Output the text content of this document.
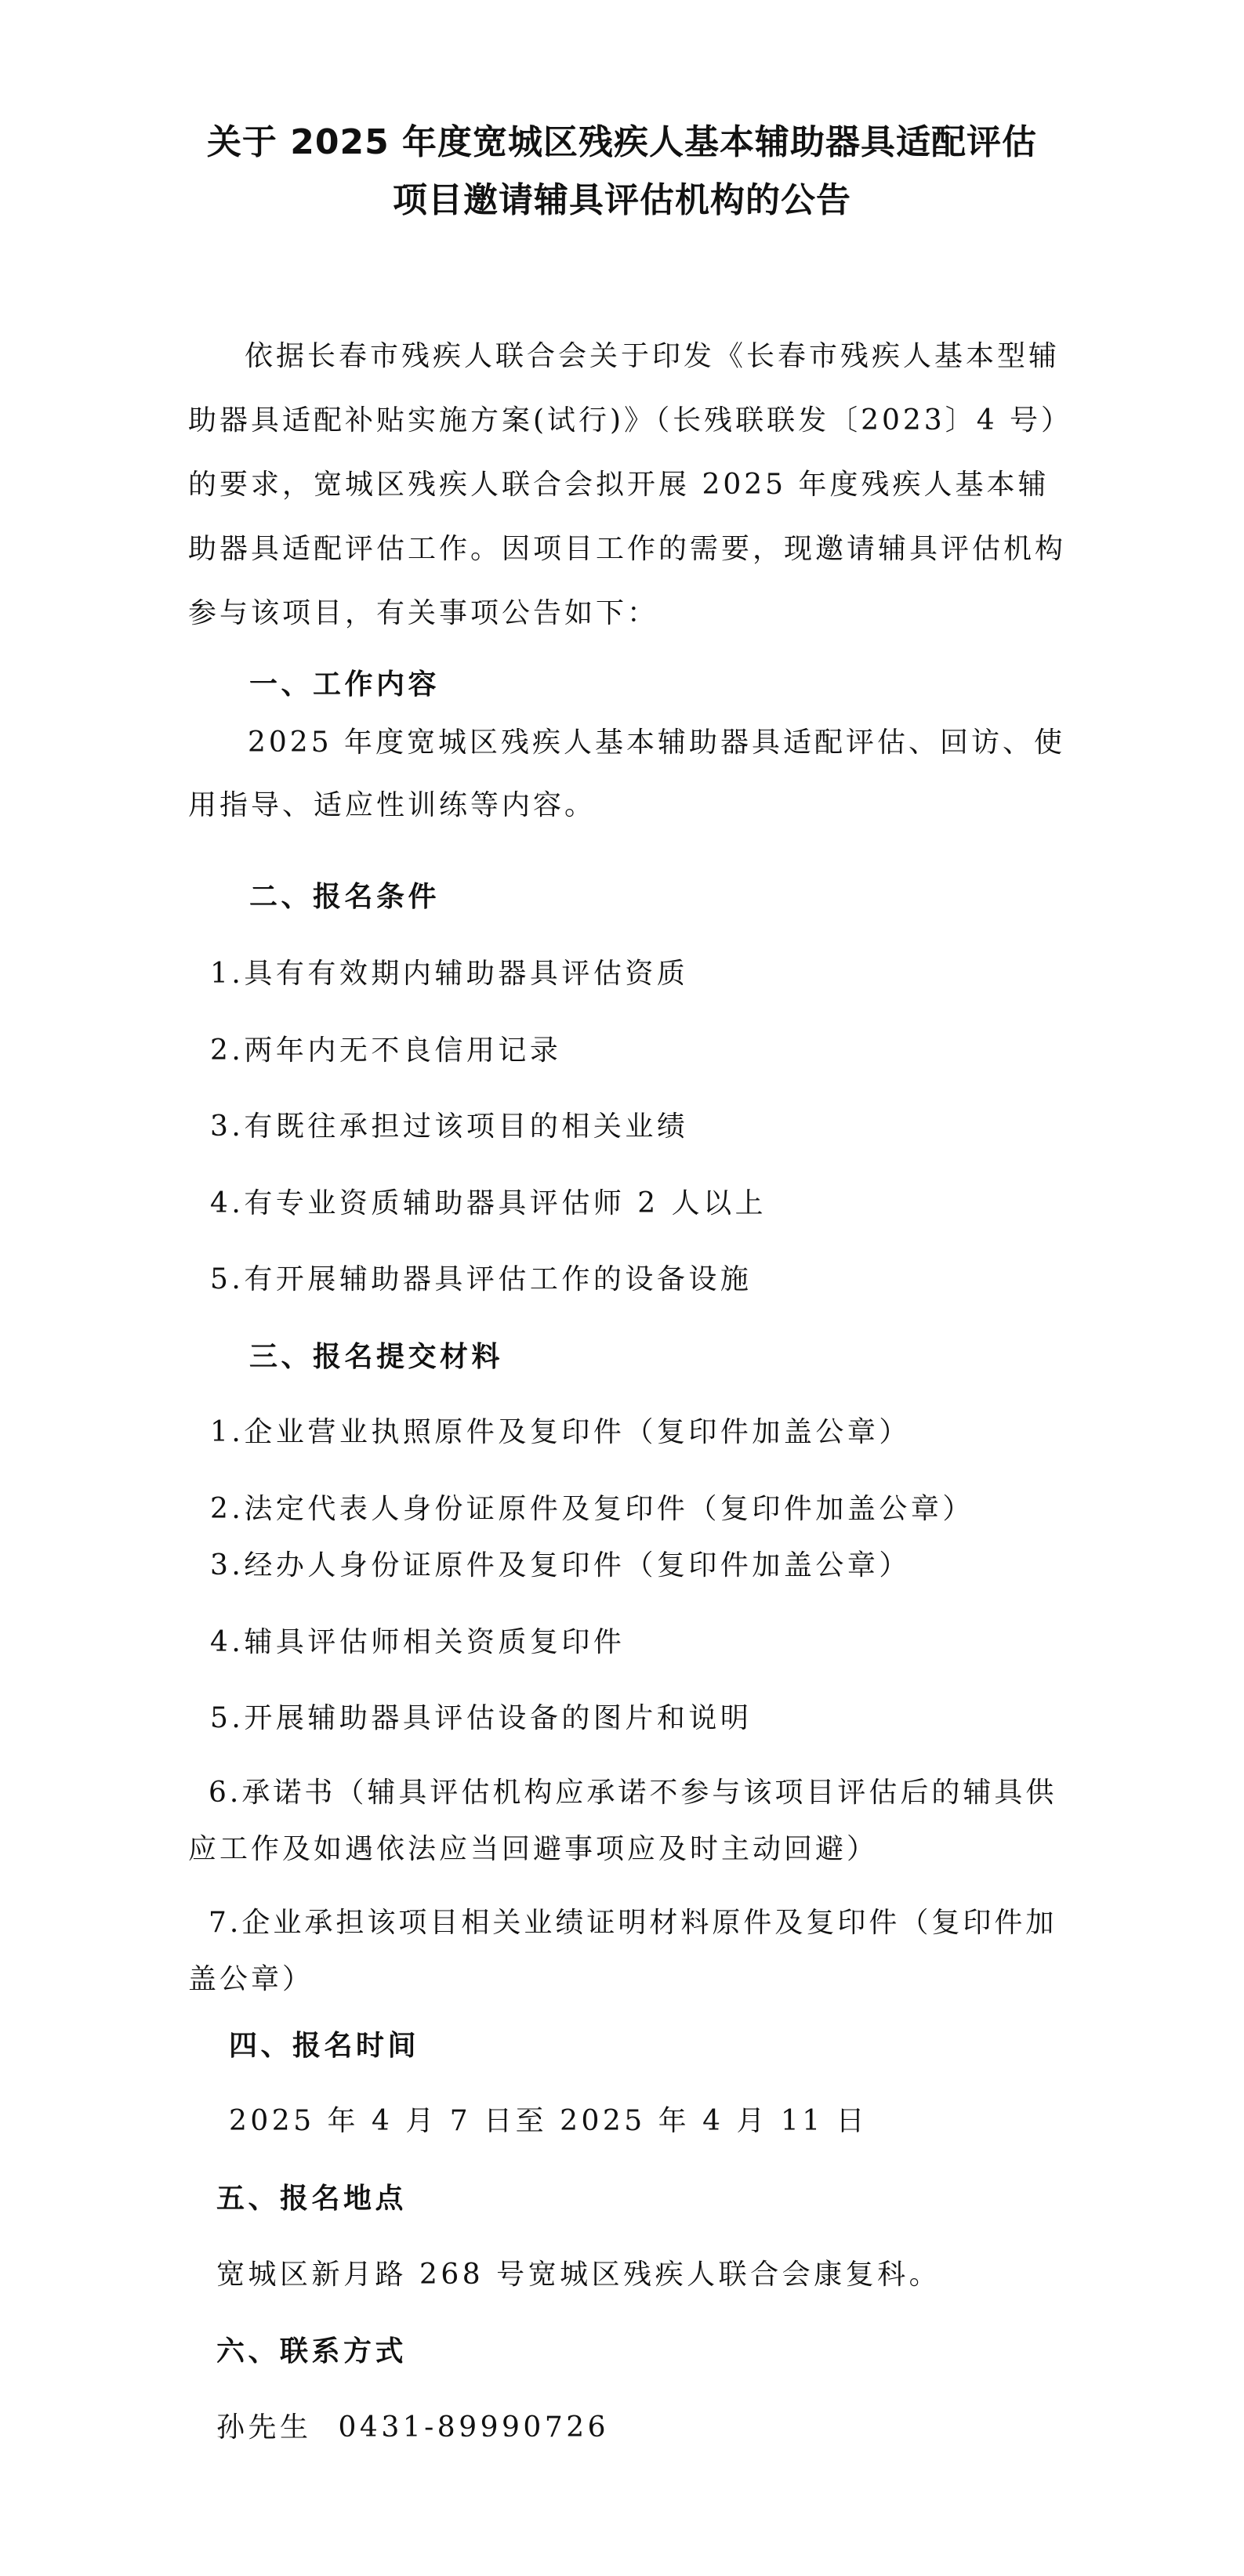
关于 2025 年度宽城区残疾人基本辅助器具适配评估
项目邀请辅具评估机构的公告

依据长春市残疾人联合会关于印发《长春市残疾人基本型辅助器具适配补贴实施方案(试行)》（长残联联发〔2023〕4 号）的要求，宽城区残疾人联合会拟开展 2025 年度残疾人基本辅助器具适配评估工作。因项目工作的需要，现邀请辅具评估机构参与该项目，有关事项公告如下：

一、工作内容

2025 年度宽城区残疾人基本辅助器具适配评估、回访、使用指导、适应性训练等内容。

二、报名条件

1.具有有效期内辅助器具评估资质

2.两年内无不良信用记录

3.有既往承担过该项目的相关业绩

4.有专业资质辅助器具评估师 2 人以上

5.有开展辅助器具评估工作的设备设施

三、报名提交材料

1.企业营业执照原件及复印件（复印件加盖公章）

2.法定代表人身份证原件及复印件（复印件加盖公章）

3.经办人身份证原件及复印件（复印件加盖公章）

4.辅具评估师相关资质复印件

5.开展辅助器具评估设备的图片和说明

6.承诺书（辅具评估机构应承诺不参与该项目评估后的辅具供应工作及如遇依法应当回避事项应及时主动回避）

7.企业承担该项目相关业绩证明材料原件及复印件（复印件加盖公章）

四、报名时间

2025 年 4 月 7 日至 2025 年 4 月 11 日

五、报名地点

宽城区新月路 268 号宽城区残疾人联合会康复科。

六、联系方式

孙先生 0431-89990726
